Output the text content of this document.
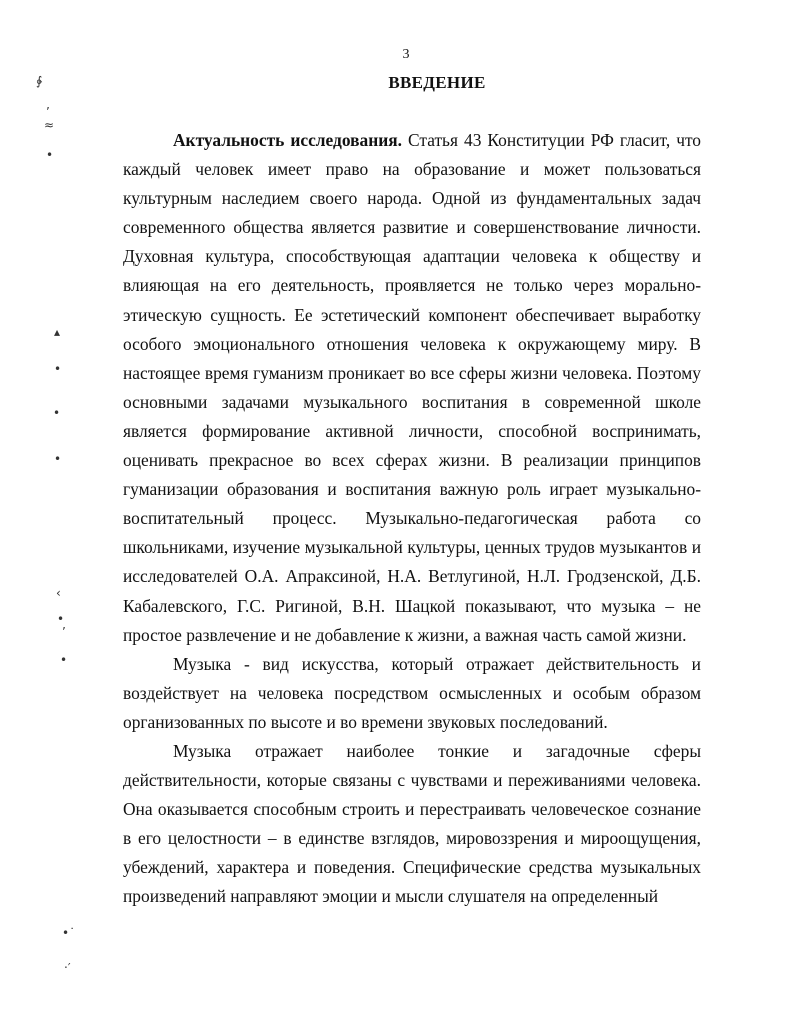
∳
’
≈
•
▴
•
•
•
‹
•
’
•
•˙
‧′
3
ВВЕДЕНИЕ

Актуальность исследования. Статья 43 Конституции РФ гласит, что каждый человек имеет право на образование и может пользоваться культурным наследием своего народа. Одной из фундаментальных задач современного общества является развитие и совершенствование личности. Духовная культура, способствующая адаптации человека к обществу и влияющая на его деятельность, проявляется не только через морально-этическую сущность. Ее эстетический компонент обеспечивает выработку особого эмоционального отношения человека к окружающему миру. В настоящее время гуманизм проникает во все сферы жизни человека. Поэтому основными задачами музыкального воспитания в современной школе является формирование активной личности, способной воспринимать, оценивать прекрасное во всех сферах жизни. В реализации принципов гуманизации образования и воспитания важную роль играет музыкально-воспитательный процесс. Музыкально-педагогическая работа со школьниками, изучение музыкальной культуры, ценных трудов музыкантов и исследователей О.А. Апраксиной, Н.А. Ветлугиной, Н.Л. Гродзенской, Д.Б. Кабалевского, Г.С. Ригиной, В.Н. Шацкой показывают, что музыка – не простое развлечение и не добавление к жизни, а важная часть самой жизни.

Музыка - вид искусства, который отражает действительность и воздействует на человека посредством осмысленных и особым образом организованных по высоте и во времени звуковых последований.

Музыка отражает наиболее тонкие и загадочные сферы действительности, которые связаны с чувствами и переживаниями человека. Она оказывается способным строить и перестраивать человеческое сознание в его целостности – в единстве взглядов, мировоззрения и мироощущения, убеждений, характера и поведения. Специфические средства музыкальных произведений направляют эмоции и мысли слушателя на определенный
